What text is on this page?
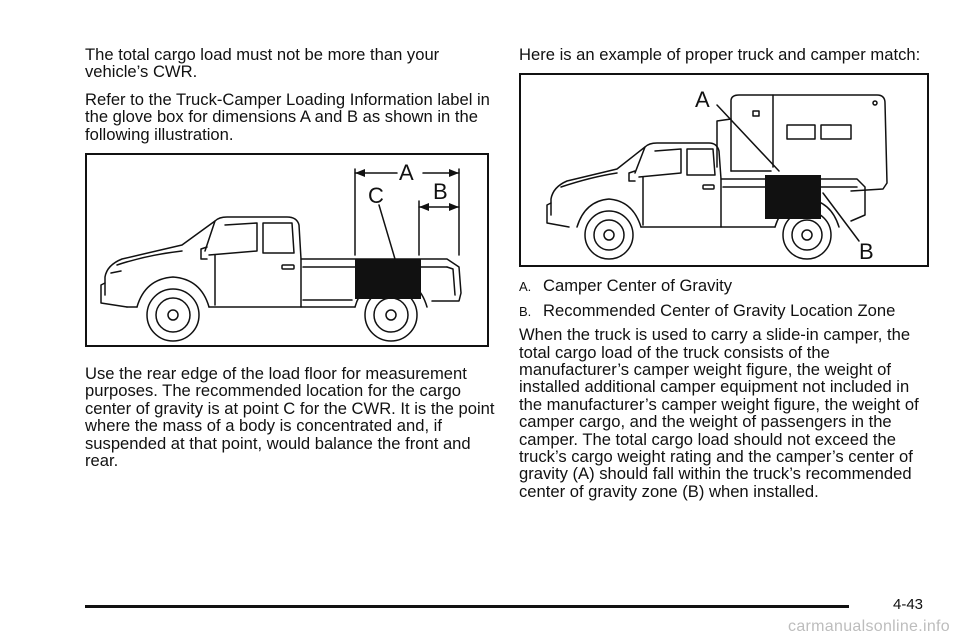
The total cargo load must not be more than your vehicle’s CWR.

Refer to the Truck-Camper Loading Information label in the glove box for dimensions A and B as shown in the following illustration.

A
B
C

Use the rear edge of the load floor for measurement purposes. The recommended location for the cargo center of gravity is at point C for the CWR. It is the point where the mass of a body is concentrated and, if suspended at that point, would balance the front and rear.

Here is an example of proper truck and camper match:

A
B
A. Camper Center of Gravity
B. Recommended Center of Gravity Location Zone

When the truck is used to carry a slide-in camper, the total cargo load of the truck consists of the manufacturer’s camper weight figure, the weight of installed additional camper equipment not included in the manufacturer’s camper weight figure, the weight of camper cargo, and the weight of passengers in the camper. The total cargo load should not exceed the truck’s cargo weight rating and the camper’s center of gravity (A) should fall within the truck’s recommended center of gravity zone (B) when installed.

4-43
carmanualsonline.info
